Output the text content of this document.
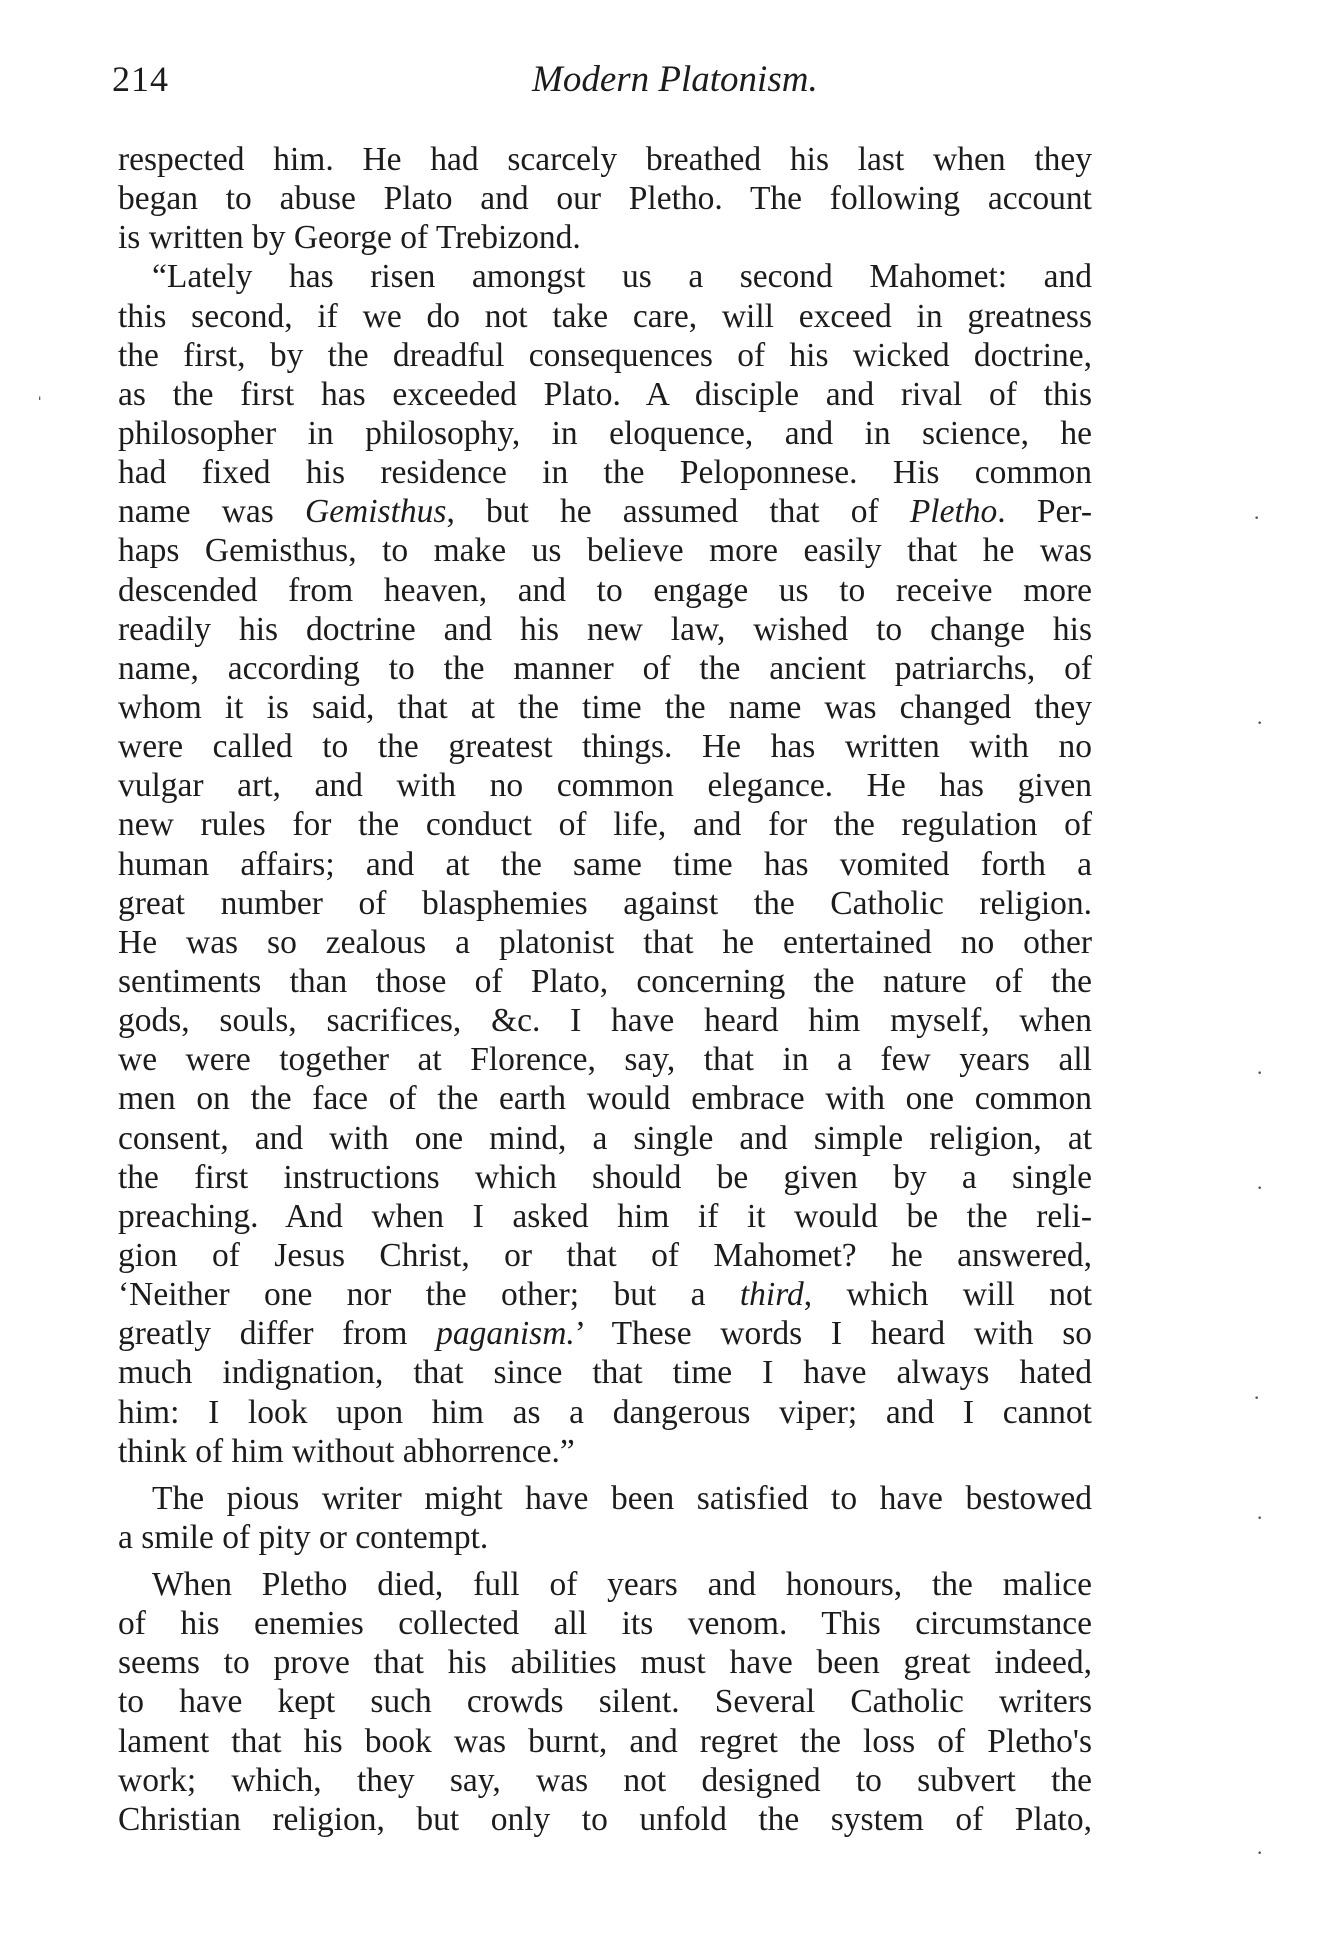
214	Modern Platonism.
respected him. He had scarcely breathed his last when they
began to abuse Plato and our Pletho. The following account
is written by George of Trebizond.
“Lately has risen amongst us a second Mahomet: and
this second, if we do not take care, will exceed in greatness
the first, by the dreadful consequences of his wicked doctrine,
as the first has exceeded Plato. A disciple and rival of this
philosopher in philosophy, in eloquence, and in science, he
had fixed his residence in the Peloponnese. His common
name was Gemisthus, but he assumed that of Pletho. Per-
haps Gemisthus, to make us believe more easily that he was
descended from heaven, and to engage us to receive more
readily his doctrine and his new law, wished to change his
name, according to the manner of the ancient patriarchs, of
whom it is said, that at the time the name was changed they
were called to the greatest things. He has written with no
vulgar art, and with no common elegance. He has given
new rules for the conduct of life, and for the regulation of
human affairs; and at the same time has vomited forth a
great number of blasphemies against the Catholic religion.
He was so zealous a platonist that he entertained no other
sentiments than those of Plato, concerning the nature of the
gods, souls, sacrifices, &c. I have heard him myself, when
we were together at Florence, say, that in a few years all
men on the face of the earth would embrace with one common
consent, and with one mind, a single and simple religion, at
the first instructions which should be given by a single
preaching. And when I asked him if it would be the reli-
gion of Jesus Christ, or that of Mahomet? he answered,
‘Neither one nor the other; but a third, which will not
greatly differ from paganism.’ These words I heard with so
much indignation, that since that time I have always hated
him: I look upon him as a dangerous viper; and I cannot
think of him without abhorrence.”
The pious writer might have been satisfied to have bestowed
a smile of pity or contempt.
When Pletho died, full of years and honours, the malice
of his enemies collected all its venom. This circumstance
seems to prove that his abilities must have been great indeed,
to have kept such crowds silent. Several Catholic writers
lament that his book was burnt, and regret the loss of Pletho's
work; which, they say, was not designed to subvert the
Christian religion, but only to unfold the system of Plato,
ˌ
·
·
·
·
·
·
·
